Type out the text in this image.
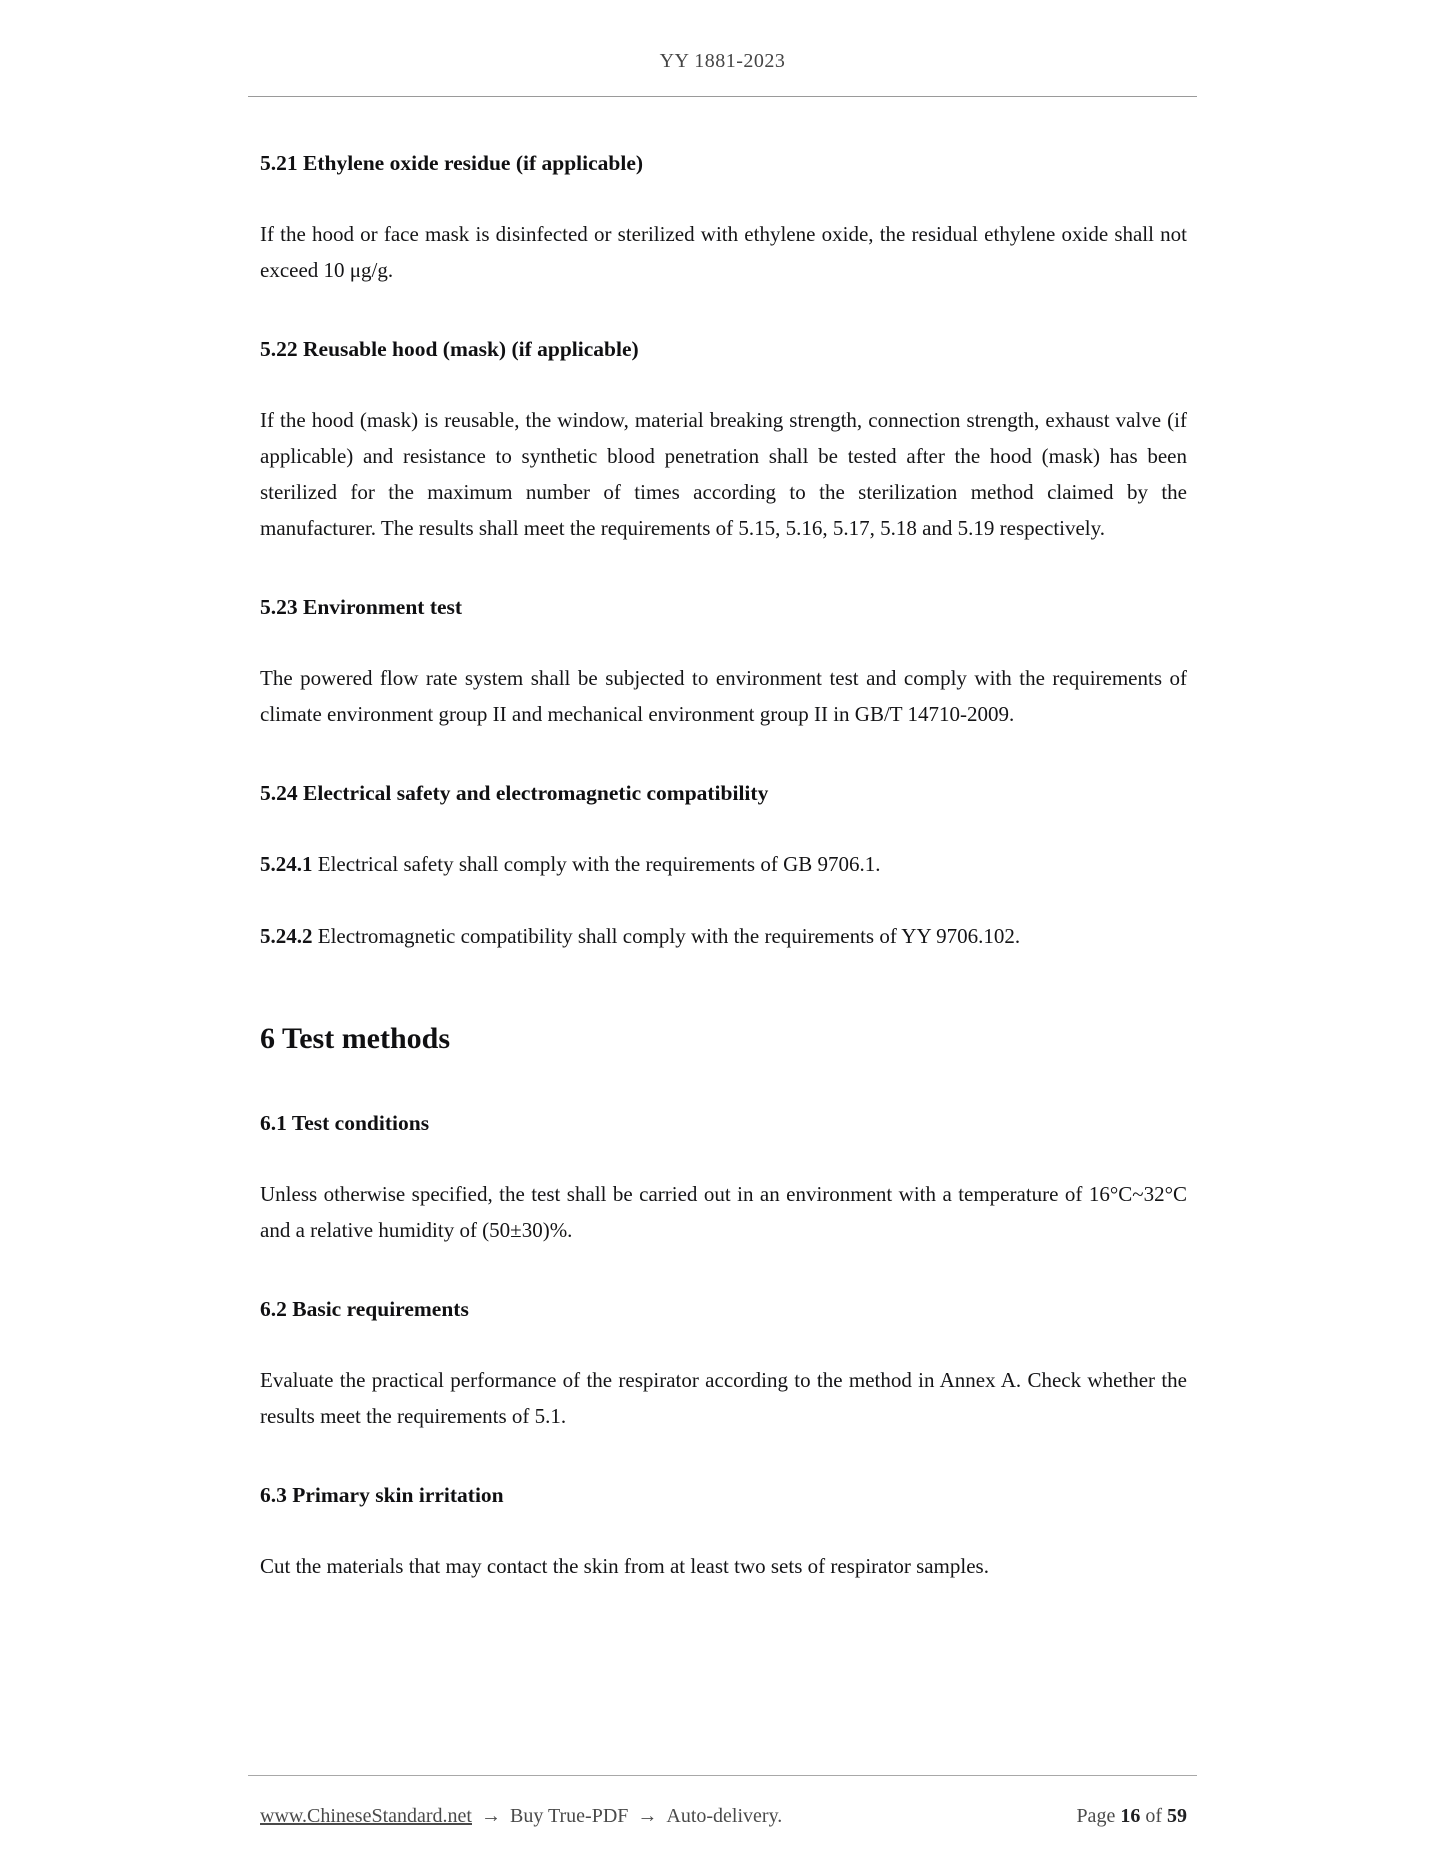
YY 1881-2023
5.21 Ethylene oxide residue (if applicable)

If the hood or face mask is disinfected or sterilized with ethylene oxide, the residual ethylene oxide shall not exceed 10 μg/g.

5.22 Reusable hood (mask) (if applicable)

If the hood (mask) is reusable, the window, material breaking strength, connection strength, exhaust valve (if applicable) and resistance to synthetic blood penetration shall be tested after the hood (mask) has been sterilized for the maximum number of times according to the sterilization method claimed by the manufacturer. The results shall meet the requirements of 5.15, 5.16, 5.17, 5.18 and 5.19 respectively.

5.23 Environment test

The powered flow rate system shall be subjected to environment test and comply with the requirements of climate environment group II and mechanical environment group II in GB/T 14710-2009.

5.24 Electrical safety and electromagnetic compatibility

5.24.1 Electrical safety shall comply with the requirements of GB 9706.1.

5.24.2 Electromagnetic compatibility shall comply with the requirements of YY 9706.102.

6 Test methods
6.1 Test conditions

Unless otherwise specified, the test shall be carried out in an environment with a temperature of 16°C~32°C and a relative humidity of (50±30)%.

6.2 Basic requirements

Evaluate the practical performance of the respirator according to the method in Annex A. Check whether the results meet the requirements of 5.1.

6.3 Primary skin irritation

Cut the materials that may contact the skin from at least two sets of respirator samples.

www.ChineseStandard.net → Buy True-PDF → Auto-delivery.	Page 16 of 59
